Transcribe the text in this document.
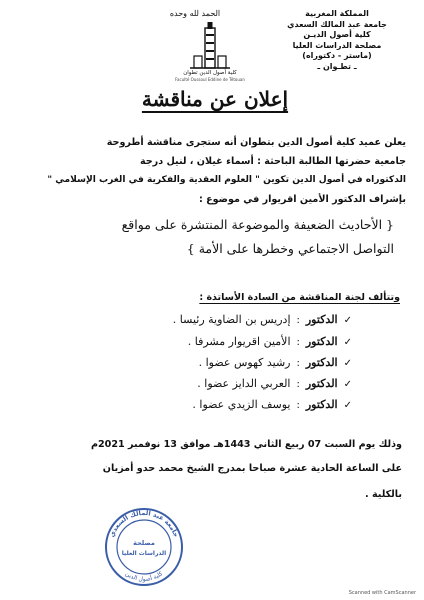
الحمد لله وحده	المملكة المغربية
جامعة عبد المالك السعدي
كلية أصول الديـن
مصلحة الدراسات العليا
(ماستر - دكتوراه)
ـ تطـوان ـ
كلية أصول الدين تطوان
Faculté Oussoul Eddine de Tétouan
إعلان عن مناقشة
يعلن عميد كلية أصول الدين بتطوان أنه ستجرى مناقشة أطروحة
جامعية حضرتها الطالبة الباحثة : أسماء غيلان ، لنيل درجة
الدكتوراه في أصول الدين تكوين " العلوم العقدية والفكرية في الغرب الإسلامي "
بإشراف الدكتور الأمين اقريوار في موضوع :
{ الأحاديث الضعيفة والموضوعة المنتشرة على مواقع
التواصل الاجتماعي وخطرها على الأمة }
وتتألف لجنة المناقشة من السادة الأساتذة :
✓
الدكتور
:
إدريس بن الضاوية رئيسا .
✓
الدكتور
:
الأمين اقريوار مشرفا .
✓
الدكتور
:
رشيد كهوس عضوا .
✓
الدكتور
:
العربي الدايز عضوا .
✓
الدكتور
:
يوسف الزيدي عضوا .
وذلك يوم السبت 07 ربيع الثاني 1443هـ موافق 13 نوفمبر 2021م
على الساعة الحادية عشرة صباحا بمدرج الشيخ محمد حدو أمزيان
بالكلية .
جامعة عبد المالك السعدي
كلية أصول الدين
مصلحة
الدراسات العليا
Scanned with CamScanner
